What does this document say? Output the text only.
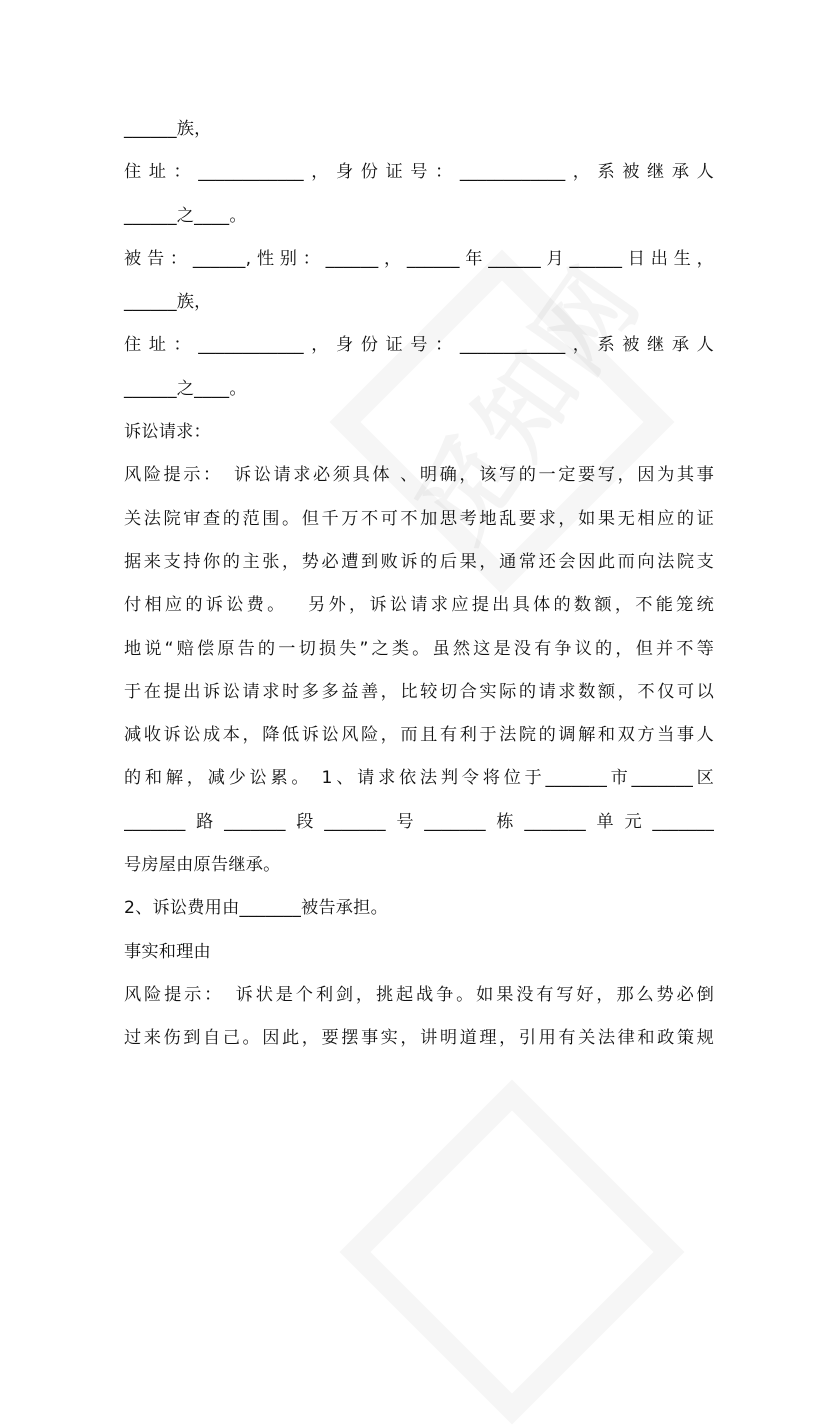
______族，
住址：____________，身份证号：____________，系被继承人
______之____。
被告：______,性别：______，______年______月______日出生，
______族，
住址：____________，身份证号：____________，系被继承人
______之____。
诉讼请求：
风险提示：　诉讼请求必须具体 、明确，该写的一定要写，因为其事
关法院审查的范围。但千万不可不加思考地乱要求，如果无相应的证
据来支持你的主张，势必遭到败诉的后果，通常还会因此而向法院支
付相应的诉讼费。　 另外，诉讼请求应提出具体的数额，不能笼统
地说“赔偿原告的一切损失”之类。虽然这是没有争议的，但并不等
于在提出诉讼请求时多多益善，比较切合实际的请求数额，不仅可以
减收诉讼成本，降低诉讼风险，而且有利于法院的调解和双方当事人
的和解，减少讼累。 1、请求依法判令将位于_______市_______区
_______路_______段_______号_______栋_______单元_______
号房屋由原告继承。
2、诉讼费用由_______被告承担。
事实和理由
风险提示：　诉状是个利剑，挑起战争。如果没有写好，那么势必倒
过来伤到自己。因此，要摆事实，讲明道理，引用有关法律和政策规
